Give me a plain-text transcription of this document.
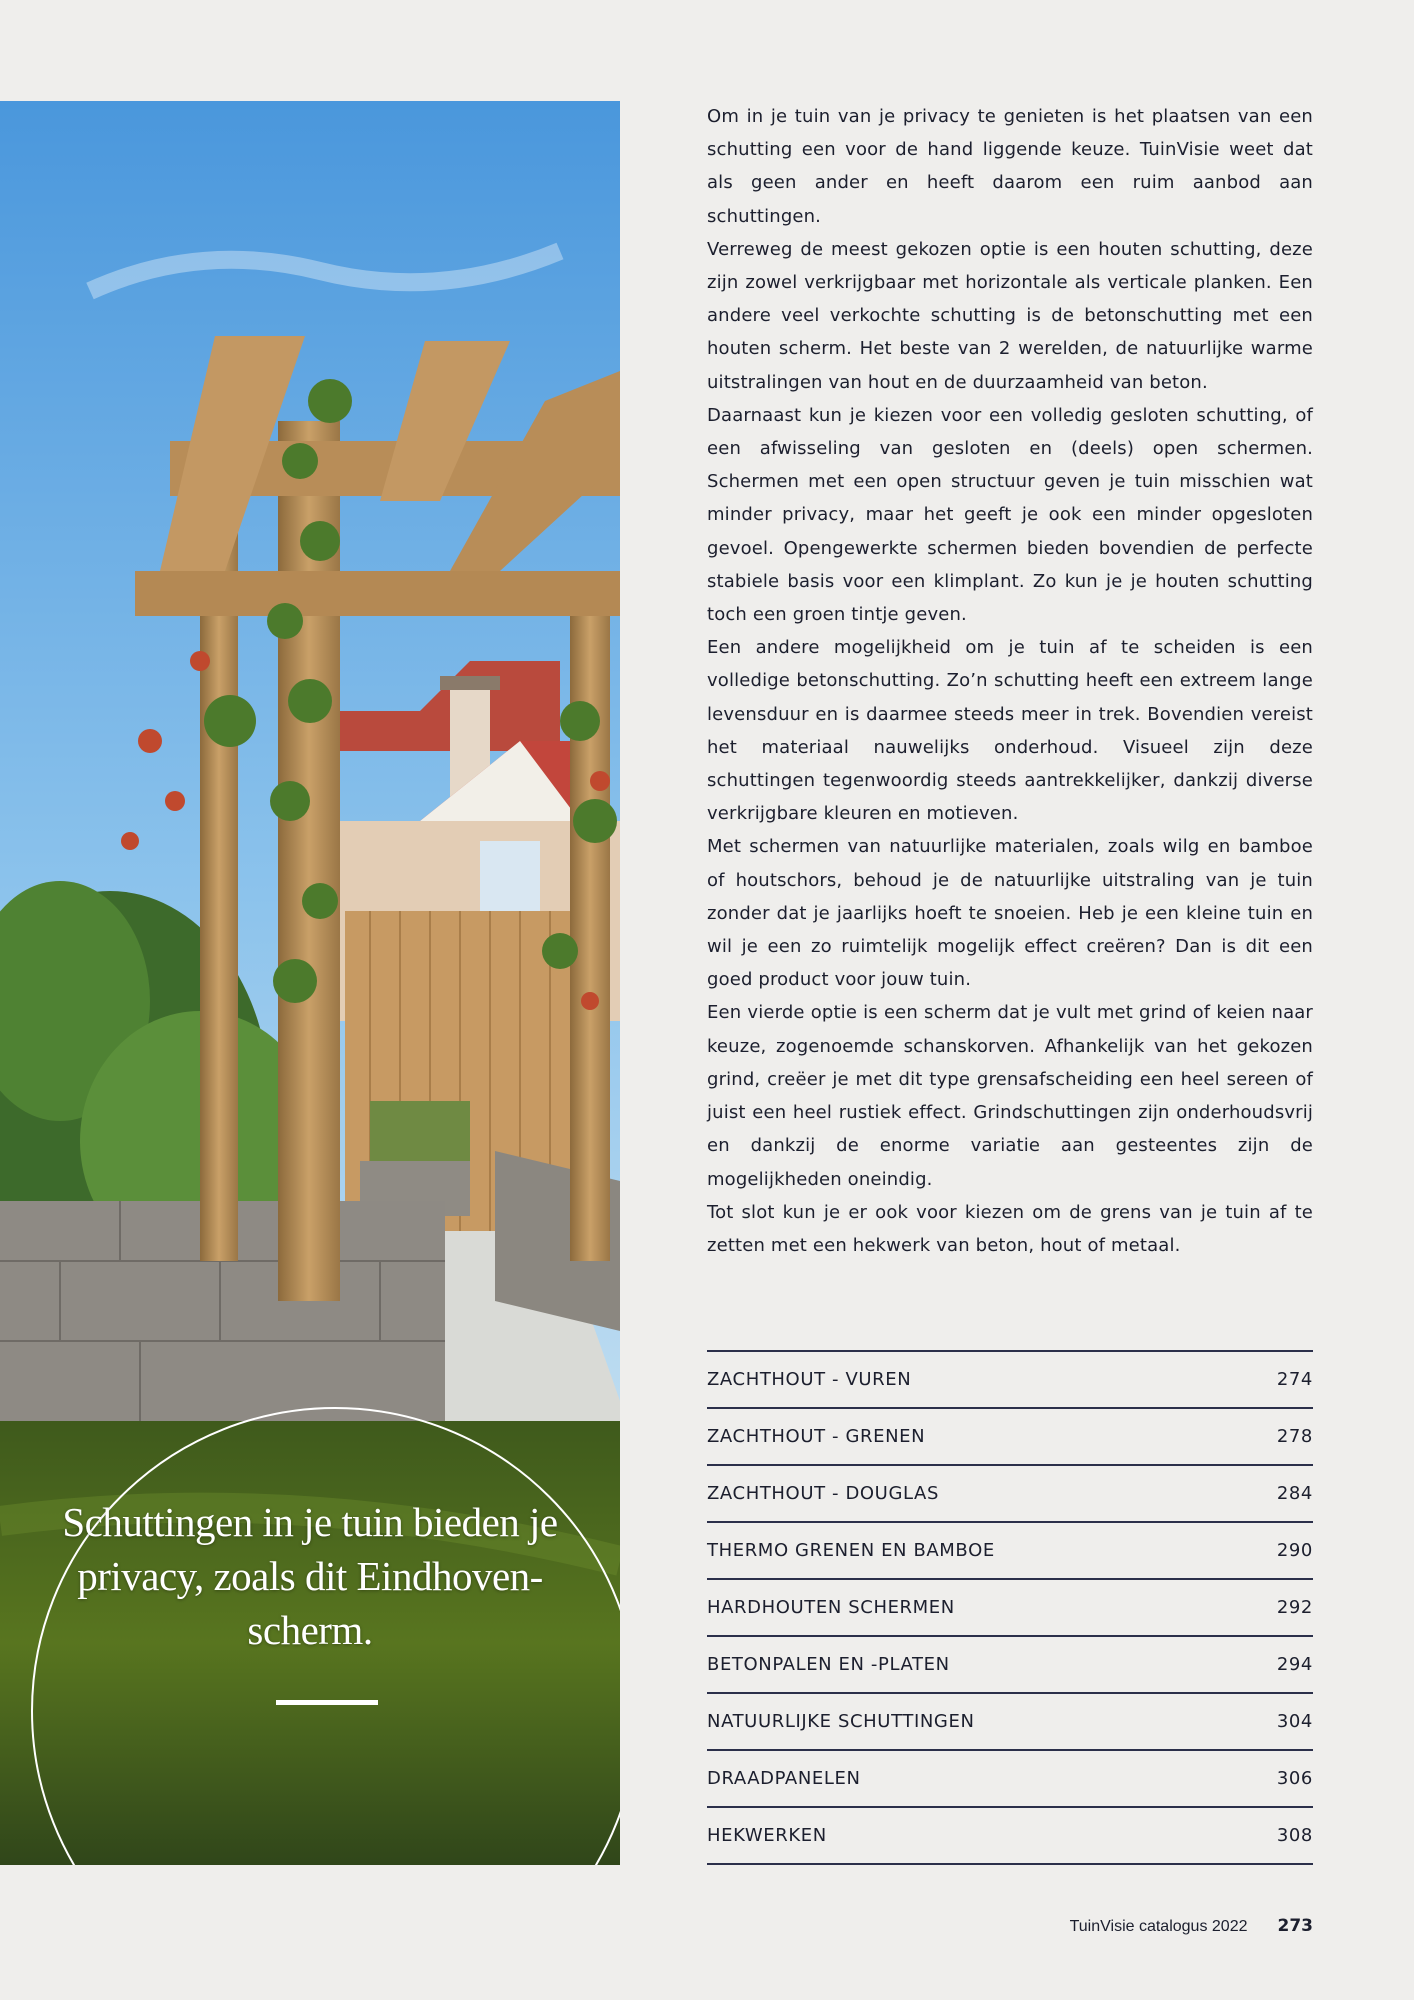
Schuttingen in je tuin bieden je privacy, zoals dit Eindhoven-scherm.

Om in je tuin van je privacy te genieten is het plaatsen van een schutting een voor de hand liggende keuze. TuinVisie weet dat als geen ander en heeft daarom een ruim aanbod aan schuttingen.

Verreweg de meest gekozen optie is een houten schutting, deze zijn zowel verkrijgbaar met horizontale als verticale planken. Een andere veel verkochte schutting is de betonschutting met een houten scherm. Het beste van 2 werelden, de natuurlijke warme uitstralingen van hout en de duurzaamheid van beton.

Daarnaast kun je kiezen voor een volledig gesloten schutting, of een afwisseling van gesloten en (deels) open schermen. Schermen met een open structuur geven je tuin misschien wat minder privacy, maar het geeft je ook een minder opgesloten gevoel. Opengewerkte schermen bieden bovendien de perfecte stabiele basis voor een klimplant. Zo kun je je houten schutting toch een groen tintje geven.

Een andere mogelijkheid om je tuin af te scheiden is een volledige betonschutting. Zo’n schutting heeft een extreem lange levensduur en is daarmee steeds meer in trek. Bovendien vereist het materiaal nauwelijks onderhoud. Visueel zijn deze schuttingen tegenwoordig steeds aantrekkelijker, dankzij diverse verkrijgbare kleuren en motieven.

Met schermen van natuurlijke materialen, zoals wilg en bamboe of houtschors, behoud je de natuurlijke uitstraling van je tuin zonder dat je jaarlijks hoeft te snoeien. Heb je een kleine tuin en wil je een zo ruimtelijk mogelijk effect creëren? Dan is dit een goed product voor jouw tuin.

Een vierde optie is een scherm dat je vult met grind of keien naar keuze, zogenoemde schanskorven. Afhankelijk van het gekozen grind, creëer je met dit type grensafscheiding een heel sereen of juist een heel rustiek effect. Grindschuttingen zijn onderhoudsvrij en dankzij de enorme variatie aan gesteentes zijn de mogelijkheden oneindig.

Tot slot kun je er ook voor kiezen om de grens van je tuin af te zetten met een hekwerk van beton, hout of metaal.

ZACHTHOUT - VUREN	274
ZACHTHOUT - GRENEN	278
ZACHTHOUT - DOUGLAS	284
THERMO GRENEN EN BAMBOE	290
HARDHOUTEN SCHERMEN	292
BETONPALEN EN -PLATEN	294
NATUURLIJKE SCHUTTINGEN	304
DRAADPANELEN	306
HEKWERKEN	308
TuinVisie catalogus 2022 273
